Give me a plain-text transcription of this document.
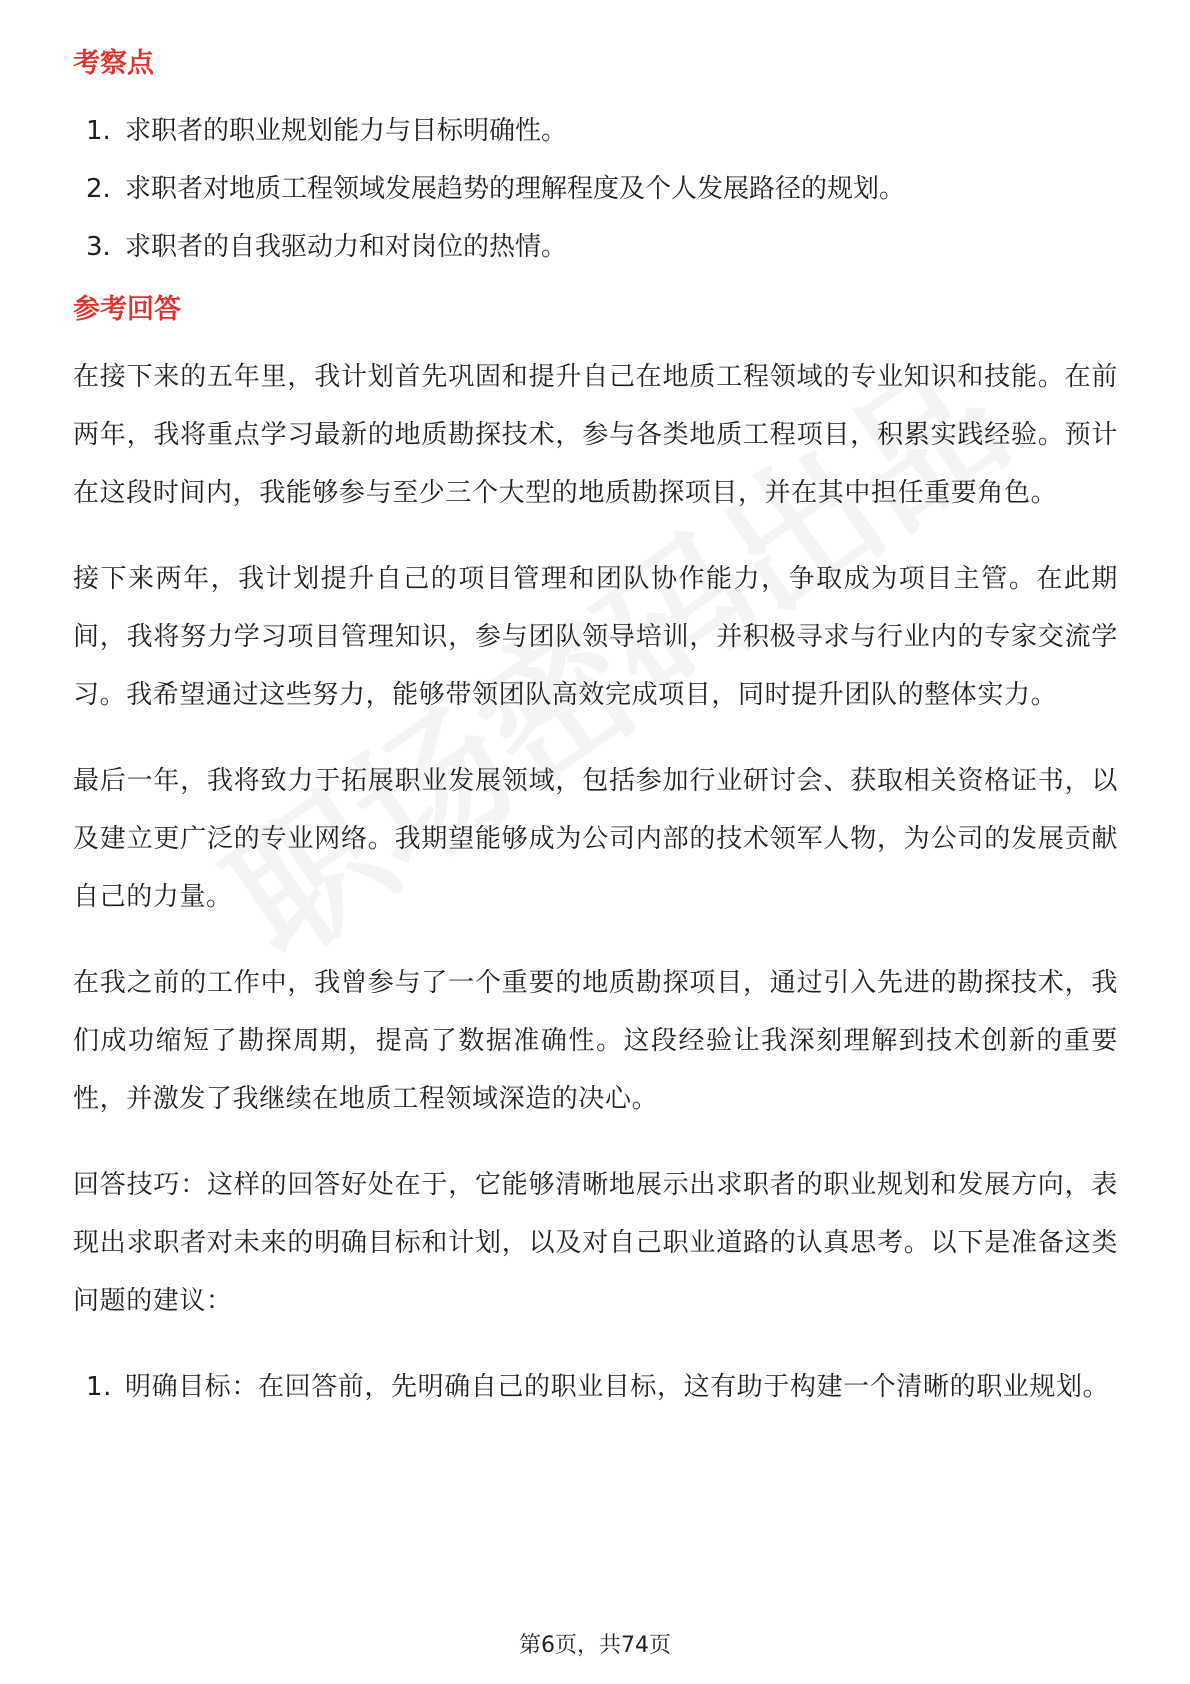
考察点
1. 求职者的职业规划能力与目标明确性。
2. 求职者对地质工程领域发展趋势的理解程度及个人发展路径的规划。
3. 求职者的自我驱动力和对岗位的热情。
参考回答

在接下来的五年里，我计划首先巩固和提升自己在地质工程领域的专业知识和技能。在前两年，我将重点学习最新的地质勘探技术，参与各类地质工程项目，积累实践经验。预计在这段时间内，我能够参与至少三个大型的地质勘探项目，并在其中担任重要角色。

接下来两年，我计划提升自己的项目管理和团队协作能力，争取成为项目主管。在此期间，我将努力学习项目管理知识，参与团队领导培训，并积极寻求与行业内的专家交流学习。我希望通过这些努力，能够带领团队高效完成项目，同时提升团队的整体实力。

最后一年，我将致力于拓展职业发展领域，包括参加行业研讨会、获取相关资格证书，以及建立更广泛的专业网络。我期望能够成为公司内部的技术领军人物，为公司的发展贡献自己的力量。

在我之前的工作中，我曾参与了一个重要的地质勘探项目，通过引入先进的勘探技术，我们成功缩短了勘探周期，提高了数据准确性。这段经验让我深刻理解到技术创新的重要性，并激发了我继续在地质工程领域深造的决心。

回答技巧：这样的回答好处在于，它能够清晰地展示出求职者的职业规划和发展方向，表现出求职者对未来的明确目标和计划，以及对自己职业道路的认真思考。以下是准备这类问题的建议：

1. 明确目标：在回答前，先明确自己的职业目标，这有助于构建一个清晰的职业规划。
第6页，共74页
